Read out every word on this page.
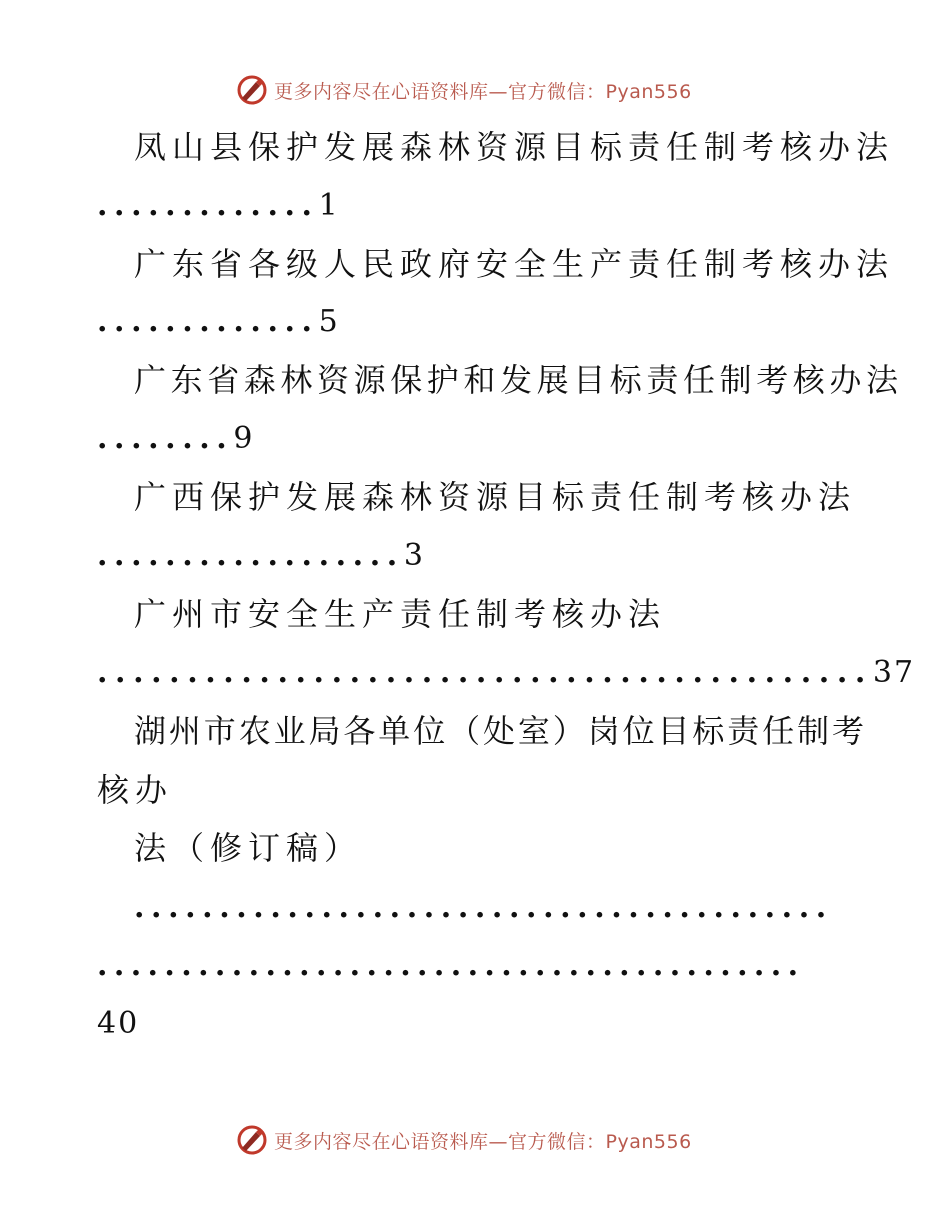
更多内容尽在心语资料库—官方微信：Pyan556
凤山县保护发展森林资源目标责任制考核办法
.............1
广东省各级人民政府安全生产责任制考核办法
.............5
广东省森林资源保护和发展目标责任制考核办法
........9
广西保护发展森林资源目标责任制考核办法
..................3
广州市安全生产责任制考核办法
...........................................37
湖州市农业局各单位（处室）岗位目标责任制考
核办
法（修订稿）
.........................................
..........................................
40
更多内容尽在心语资料库—官方微信：Pyan556
